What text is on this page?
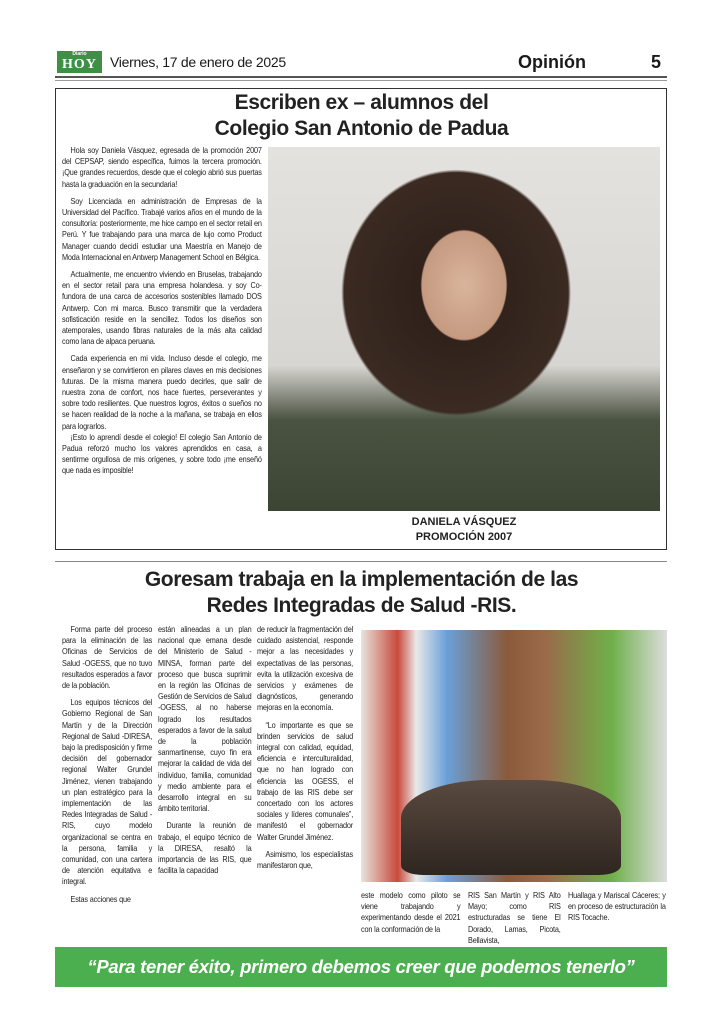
Diario
HOY Viernes, 17 de enero de 2025	Opinión	5
Escriben ex – alumnos del
Colegio San Antonio de Padua

Hola soy Daniela Vásquez, egresada de la promoción 2007 del CEPSAP, siendo específica, fuimos la tercera promoción. ¡Que grandes recuerdos, desde que el colegio abrió sus puertas hasta la graduación en la secundaria!

Soy Licenciada en administración de Empresas de la Universidad del Pacífico. Trabajé varios años en el mundo de la consultoría: posteriormente, me hice campo en el sector retail en Perú. Y fue trabajando para una marca de lujo como Product Manager cuando decidí estudiar una Maestría en Manejo de Moda Internacional en Antwerp Management School en Bélgica.

Actualmente, me encuentro viviendo en Bruselas, trabajando en el sector retail para una empresa holandesa. y soy Co-fundora de una carca de accesorios sostenibles llamado DOS Antwerp. Con mi marca. Busco transmitir que la verdadera sofisticación reside en la sencillez. Todos los diseños son atemporales, usando fibras naturales de la más alta calidad como lana de alpaca peruana.

Cada experiencia en mi vida. Incluso desde el colegio, me enseñaron y se convirtieron en pilares claves en mis decisiones futuras. De la misma manera puedo decirles, que salir de nuestra zona de confort, nos hace fuertes, perseverantes y sobre todo resilientes. Que nuestros logros, éxitos o sueños no se hacen realidad de la noche a la mañana, se trabaja en ellos para lograrlos.

¡Esto lo aprendí desde el colegio! El colegio San Antonio de Padua reforzó mucho los valores aprendidos en casa, a sentirme orgullosa de mis orígenes, y sobre todo ¡me enseñó que nada es imposible!

DANIELA VÁSQUEZ
PROMOCIÓN 2007
Goresam trabaja en la implementación de las
Redes Integradas de Salud -RIS.

Forma parte del proceso para la eliminación de las Oficinas de Servicios de Salud -OGESS, que no tuvo resultados esperados a favor de la población.

Los equipos técnicos del Gobierno Regional de San Martín y de la Dirección Regional de Salud -DIRESA, bajo la predisposición y firme decisión del gobernador regional Walter Grundel Jiménez, vienen trabajando un plan estratégico para la implementación de las Redes Integradas de Salud -RIS, cuyo modelo organizacional se centra en la persona, familia y comunidad, con una cartera de atención equitativa e integral.

Estas acciones que

están alineadas a un plan nacional que emana desde del Ministerio de Salud -MINSA, forman parte del proceso que busca suprimir en la región las Oficinas de Gestión de Servicios de Salud -OGESS, al no haberse logrado los resultados esperados a favor de la salud de la población sanmartinense, cuyo fin era mejorar la calidad de vida del individuo, familia, comunidad y medio ambiente para el desarrollo integral en su ámbito territorial.

Durante la reunión de trabajo, el equipo técnico de la DIRESA, resaltó la importancia de las RIS, que facilita la capacidad

de reducir la fragmentación del cuidado asistencial, responde mejor a las necesidades y expectativas de las personas, evita la utilización excesiva de servicios y exámenes de diagnósticos, generando mejoras en la economía.

“Lo importante es que se brinden servicios de salud integral con calidad, equidad, eficiencia e interculturalidad, que no han logrado con eficiencia las OGESS, el trabajo de las RIS debe ser concertado con los actores sociales y líderes comunales”, manifestó el gobernador Walter Grundel Jiménez.

Asimismo, los especialistas manifestaron que,

este modelo como piloto se viene trabajando y experimentando desde el 2021 con la conformación de la

RIS San Martín y RIS Alto Mayo; como RIS estructuradas se tiene El Dorado, Lamas, Picota, Bellavista,

Huallaga y Mariscal Cáceres; y en proceso de estructuración la RIS Tocache.

“Para tener éxito, primero debemos creer que podemos tenerlo”
